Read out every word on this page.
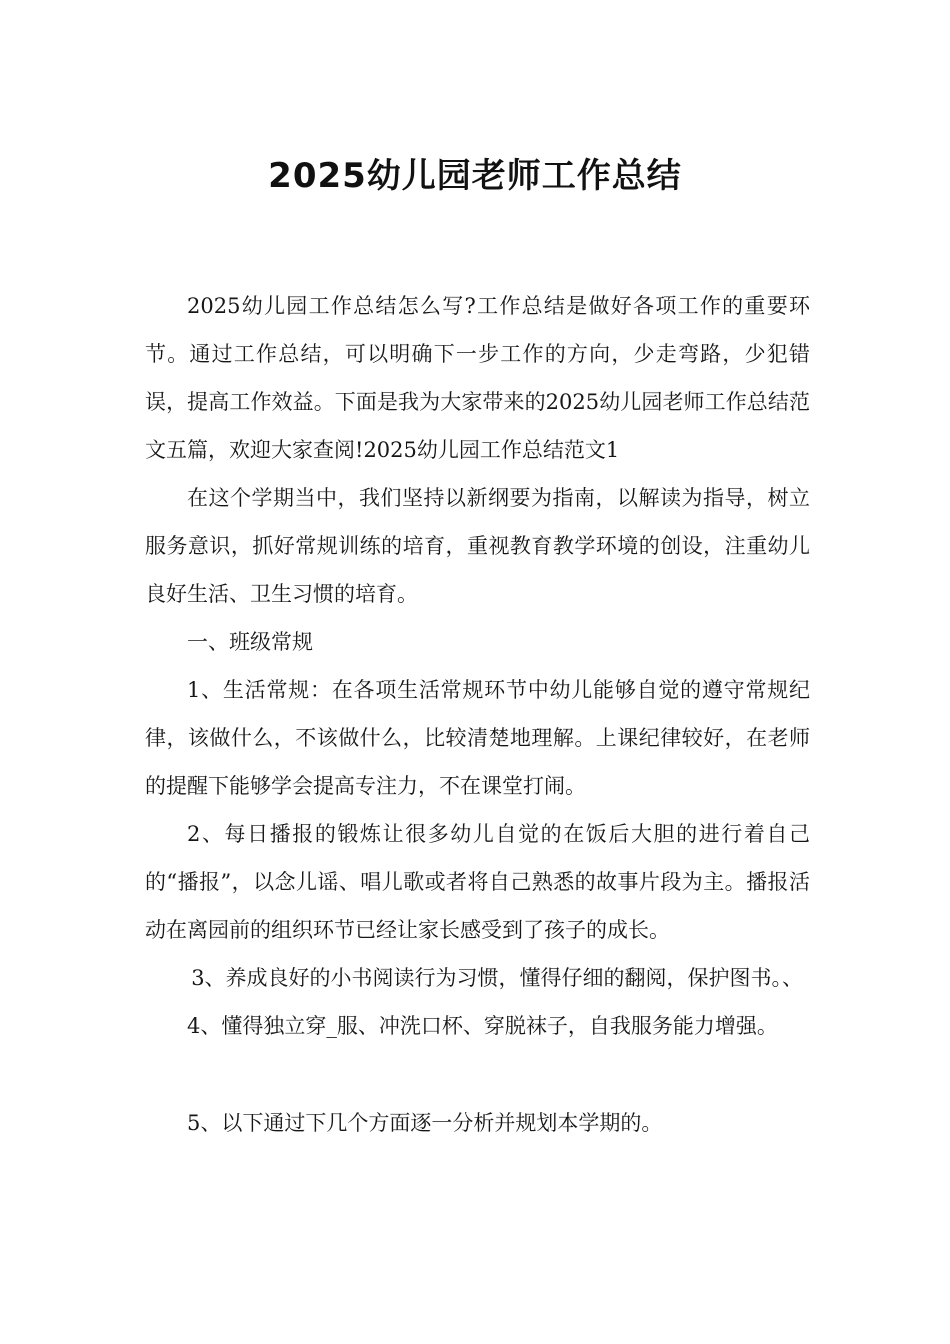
2025幼儿园老师工作总结

2025幼儿园工作总结怎么写?工作总结是做好各项工作的重要环节。通过工作总结，可以明确下一步工作的方向，少走弯路，少犯错误，提高工作效益。下面是我为大家带来的2025幼儿园老师工作总结范文五篇，欢迎大家查阅!2025幼儿园工作总结范文1

在这个学期当中，我们坚持以新纲要为指南，以解读为指导，树立服务意识，抓好常规训练的培育，重视教育教学环境的创设，注重幼儿良好生活、卫生习惯的培育。

一、班级常规

1、生活常规：在各项生活常规环节中幼儿能够自觉的遵守常规纪律，该做什么，不该做什么，比较清楚地理解。上课纪律较好，在老师的提醒下能够学会提高专注力，不在课堂打闹。

2、每日播报的锻炼让很多幼儿自觉的在饭后大胆的进行着自己的“播报”，以念儿谣、唱儿歌或者将自己熟悉的故事片段为主。播报活动在离园前的组织环节已经让家长感受到了孩子的成长。

3、养成良好的小书阅读行为习惯，懂得仔细的翻阅，保护图书。、

4、懂得独立穿_服、冲洗口杯、穿脱袜子，自我服务能力增强。

5、以下通过下几个方面逐一分析并规划本学期的。
